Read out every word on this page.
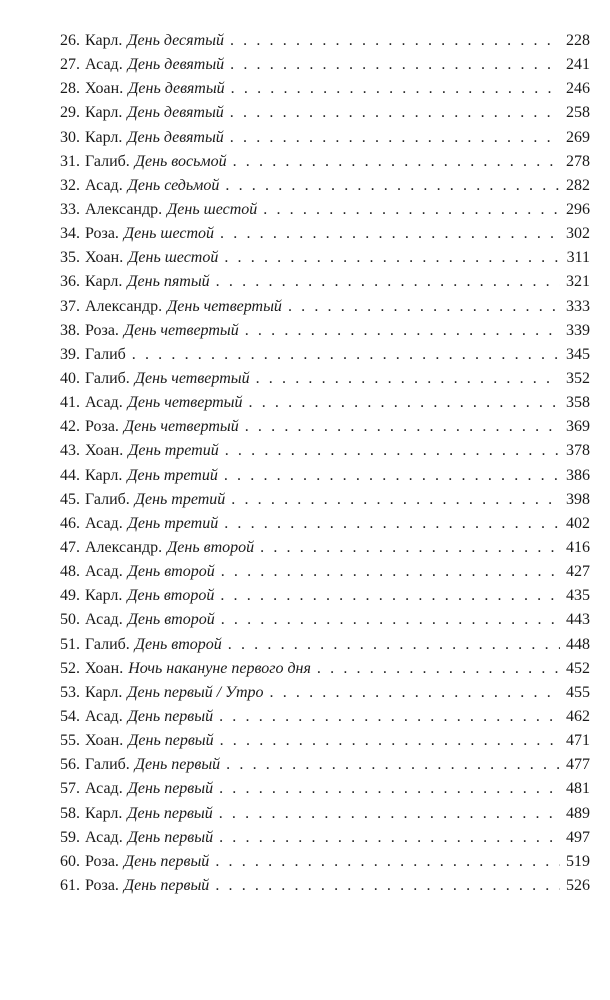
26. Карл. День десятый . . .	228
27. Асад. День девятый . . .	241
28. Хоан. День девятый . . .	246
29. Карл. День девятый . . .	258
30. Карл. День девятый . . .	269
31. Галиб. День восьмой . . .	278
32. Асад. День седьмой . . .	282
33. Александр. День шестой . . .	296
34. Роза. День шестой . . .	302
35. Хоан. День шестой . . .	311
36. Карл. День пятый . . .	321
37. Александр. День четвертый . . .	333
38. Роза. День четвертый . . .	339
39. Галиб . . .	345
40. Галиб. День четвертый . . .	352
41. Асад. День четвертый . . .	358
42. Роза. День четвертый . . .	369
43. Хоан. День третий . . .	378
44. Карл. День третий . . .	386
45. Галиб. День третий . . .	398
46. Асад. День третий . . .	402
47. Александр. День второй . . .	416
48. Асад. День второй . . .	427
49. Карл. День второй . . .	435
50. Асад. День второй . . .	443
51. Галиб. День второй . . .	448
52. Хоан. Ночь накануне первого дня . . .	452
53. Карл. День первый / Утро . . .	455
54. Асад. День первый . . .	462
55. Хоан. День первый . . .	471
56. Галиб. День первый . . .	477
57. Асад. День первый . . .	481
58. Карл. День первый . . .	489
59. Асад. День первый . . .	497
60. Роза. День первый . . .	519
61. Роза. День первый . . .	526
